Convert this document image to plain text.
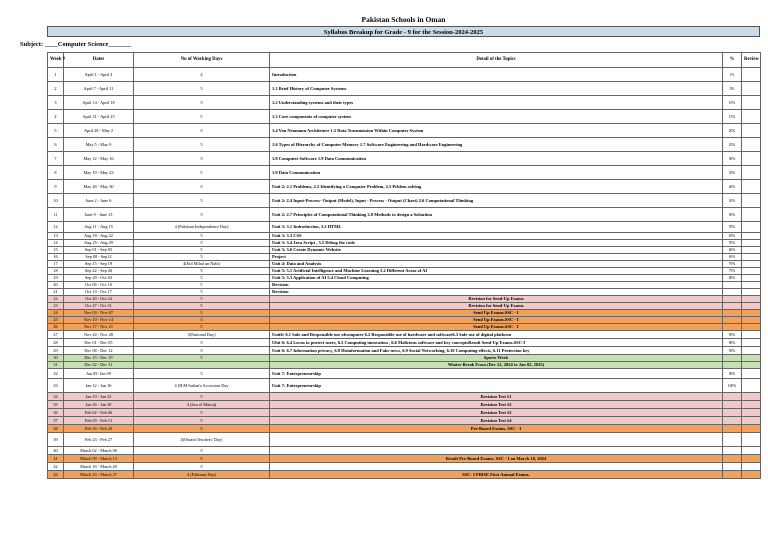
Pakistan Schools in Oman
Syllabus Breakup for Grade - 9 for the Session-2024-2025
Subject: ____Computer Science_______
Week #	Dates	No of Working Days	Detail of the Topics	%	Review
1	April 1 - April 4	4	Introduction	1%	
2	April 7 - April 11	5	1.1 Brief History of Computer Systems	5%	
3	April 14 - April 18	5	1.2 Understanding systems and their types	10%	
4	April 21 - April 25	5	1.3 Core components of computer system	15%	
5	April 28 - May 2	5	1.4 Von Neumann Architeture 1.5 Data Transmission Within Computer System	20%	
6	May 5 - May 9	5	1.6 Types of Hierarchy of Computer Memory 1.7 Software Engineering and Hardware Engineering	25%	
7	May 12 - May 16	5	1.8 Computer Software 1.9 Data Communication	30%	
8	May 19 - May 23	5	1.9 Data Communication	35%	
9	May 26 - May 30	5	Unit 2: 2.1 Problems, 2.2 Identifying a Computer Problem, 2.3 Prblem solving	40%	
10	June 2 - June 6	5	Unit 2: 2.4 Input-Process- Output (Model), Input - Process - Output (Chart) 2.6 Computational Thinking	45%	
11	June 9 - June 13	5	Unit 2: 2.7 Principles of Computational Thinking 2.8 Methods to design a Soloution	50%	
12	Aug 11 - Aug 15	4 (Pakistan Independence Day)	Unit 3: 3.1 Indroduction, 3.2 HTML	55%	
13	Aug 18 - Aug 22	5	Unit 3: 3.3 CSS	65%	
14	Aug 25 - Aug 29	5	Unit 3: 3.4 Java Script , 3.5 Debug the code	55%	
15	Sep 01 - Sep 05	5	Unit 3: 3.6 Create Dynamic Website	60%	
16	Sep 08 - Sep12	5	Project	65%	
17	Sep 15 - Sep 19	4(Eid Milad un Nabi)	Unit 4: Data and Analysis	70%	
18	Sep 22 - Sep 26	5	Unit 5: 5.1 Artificial Intelligence and Machine Learning 5.2 Different Areas of AI	75%	
19	Sep 29 - Oct 03	5	Unit 5: 5.3 Application of AI 5.4 Cloud Computing	80%	
20	Oct 06 - Oct 10	5	Revision		
21	Oct 13 - Oct 17	5	Revision		
22	Oct 20 - Oct 24	5	Revision for Send-Up Exams		
23	Oct 27 - Oct 31	5	Revision for Send-Up Exams		
24	Nov 03 - Nov 07	5	Send Up Exams.SSC - I		
25	Nov 10 - Nov 14	5	Send Up Exams.SSC - I		
26	Nov 17 - Nov 21	5	Send Up Exams.SSC - I		
27	Nov 24 - Nov 28	3(National Day)	Unit6: 6.1 Safe and Responsible use ofcomputer 6.2 Responsible use of hardware and software6.3 Safe use of digital platform	85%	
28	Dec 01 - Dec 05	5	Ubit 6: 6.4 Locus to protect users, 6.5 Computing innovation , 6.6 Malicious software and key conceptsResult Send-Up Exams.SSC-I	90%	
29	Dec 08 - Dec 12	5	Unit 6: 6.7 Information privacy, 6.8 Disinformation and Fake news, 6.9 Social Networking, 6.10 Computing effects, 6.11 Protection key	92%	
30	Dec 15 - Dec 19	5	Sports Week		
31	Dec 22 - Dec 31		Winter Break From (Dec 22, 2024 to Jan 02, 2025)		
32	Jan 05- Jan 09	5	Unit 7: Enterpreneurship	96%	
33	Jan 12 - Jan 16	4 (H.M Sultan's Accession Day	Unit 7: Enterpreneurship	100%	
34	Jan 19 - Jan 23	5	Revision Test #1		
35	Jan 26 - Jan 30	4 (Isra ol Mairaj)	Revision Test #2		
36	Feb 02 - Feb 06	5	Revision Test #3		
37	Feb 09 - Feb 13	5	Revision Test #4		
38	Feb 16 - Feb 20	5	Pre-Board Exams. SSC - I		
39	Feb 23 - Feb 27	4(Omani Teachers' Day)			
40	March 02 - March 06	5			
41	March 09 - March 13	5	Result Pre-Board Exams. SSC - I on March 10, 2024		
42	March 16 - March 20	5			
43	March 23 - March 27	4 (Pakistan Day)	SSC- I FBISE First Annual Exams.		
